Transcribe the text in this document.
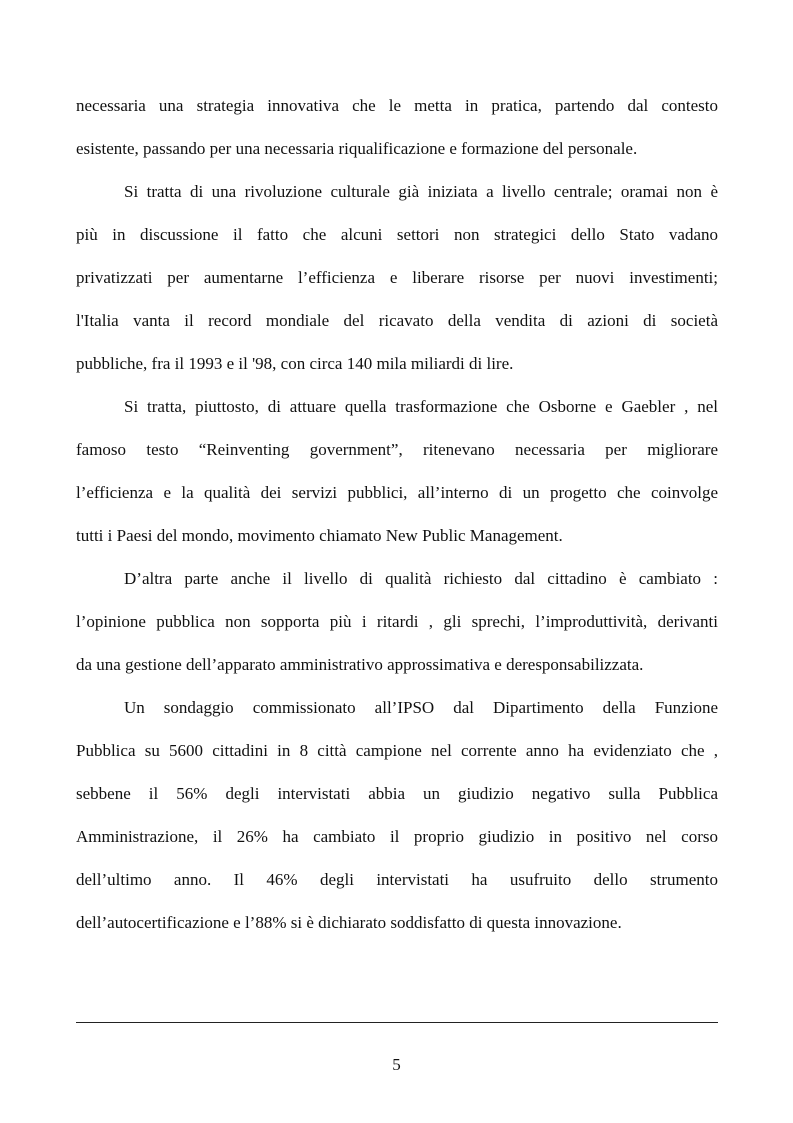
necessaria una strategia innovativa che le metta in pratica, partendo dal contesto
esistente, passando per una necessaria riqualificazione e formazione del personale.
Si tratta di una rivoluzione culturale già iniziata a livello centrale; oramai non è
più in discussione il fatto che alcuni settori non strategici dello Stato vadano
privatizzati per aumentarne l’efficienza e liberare risorse per nuovi investimenti;
l'Italia vanta il record mondiale del ricavato della vendita di azioni di società
pubbliche, fra il 1993 e il '98, con circa 140 mila miliardi di lire.
Si tratta, piuttosto, di attuare quella trasformazione che Osborne e Gaebler , nel
famoso testo “Reinventing government”, ritenevano necessaria per migliorare
l’efficienza e la qualità dei servizi pubblici, all’interno di un progetto che coinvolge
tutti i Paesi del mondo, movimento chiamato New Public Management.
D’altra parte anche il livello di qualità richiesto dal cittadino è cambiato :
l’opinione pubblica non sopporta più i ritardi , gli sprechi, l’improduttività, derivanti
da una gestione dell’apparato amministrativo approssimativa e deresponsabilizzata.
Un sondaggio commissionato all’IPSO dal Dipartimento della Funzione
Pubblica su 5600 cittadini in 8 città campione nel corrente anno ha evidenziato che ,
sebbene il 56% degli intervistati abbia un giudizio negativo sulla Pubblica
Amministrazione, il 26% ha cambiato il proprio giudizio in positivo nel corso
dell’ultimo anno. Il 46% degli intervistati ha usufruito dello strumento
dell’autocertificazione e l’88% si è dichiarato soddisfatto di questa innovazione.
5
